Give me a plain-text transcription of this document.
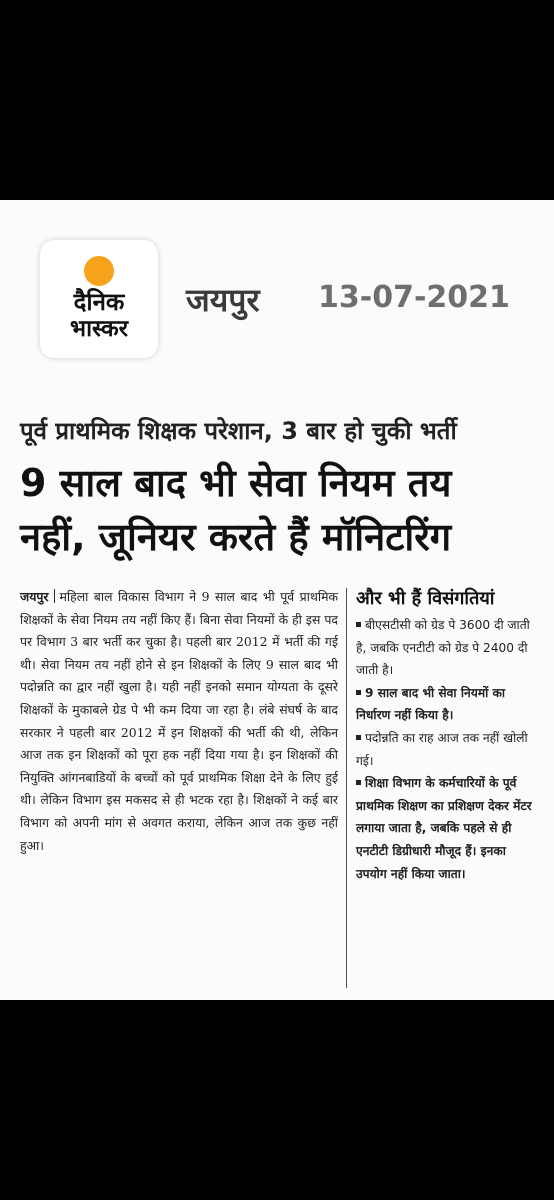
दैनिक
भास्कर
जयपुर 13-07-2021
पूर्व प्राथमिक शिक्षक परेशान, 3 बार हो चुकी भर्ती
9 साल बाद भी सेवा नियम तय
नहीं, जूनियर करते हैं मॉनिटरिंग
जयपुर महिला बाल विकास विभाग ने 9 साल बाद भी पूर्व प्राथमिक शिक्षकों के सेवा नियम तय नहीं किए हैं। बिना सेवा नियमों के ही इस पद पर विभाग 3 बार भर्ती कर चुका है। पहली बार 2012 में भर्ती की गई थी। सेवा नियम तय नहीं होने से इन शिक्षकों के लिए 9 साल बाद भी पदोन्नति का द्वार नहीं खुला है। यही नहीं इनको समान योग्यता के दूसरे शिक्षकों के मुकाबले ग्रेड पे भी कम दिया जा रहा है। लंबे संघर्ष के बाद सरकार ने पहली बार 2012 में इन शिक्षकों की भर्ती की थी, लेकिन आज तक इन शिक्षकों को पूरा हक नहीं दिया गया है। इन शिक्षकों की नियुक्ति आंगनबाडियों के बच्चों को पूर्व प्राथमिक शिक्षा देने के लिए हुई थी। लेकिन विभाग इस मकसद से ही भटक रहा है। शिक्षकों ने कई बार विभाग को अपनी मांग से अवगत कराया, लेकिन आज तक कुछ नहीं हुआ।
और भी हैं विसंगतियां
बीएसटीसी को ग्रेड पे 3600 दी जाती है, जबकि एनटीटी को ग्रेड पे 2400 दी जाती है।
9 साल बाद भी सेवा नियमों का निर्धारण नहीं किया है।
पदोन्नति का राह आज तक नहीं खोली गई।
शिक्षा विभाग के कर्मचारियों के पूर्व प्राथमिक शिक्षण का प्रशिक्षण देकर मेंटर लगाया जाता है, जबकि पहले से ही एनटीटी डिग्रीधारी मौजूद हैं। इनका उपयोग नहीं किया जाता।
